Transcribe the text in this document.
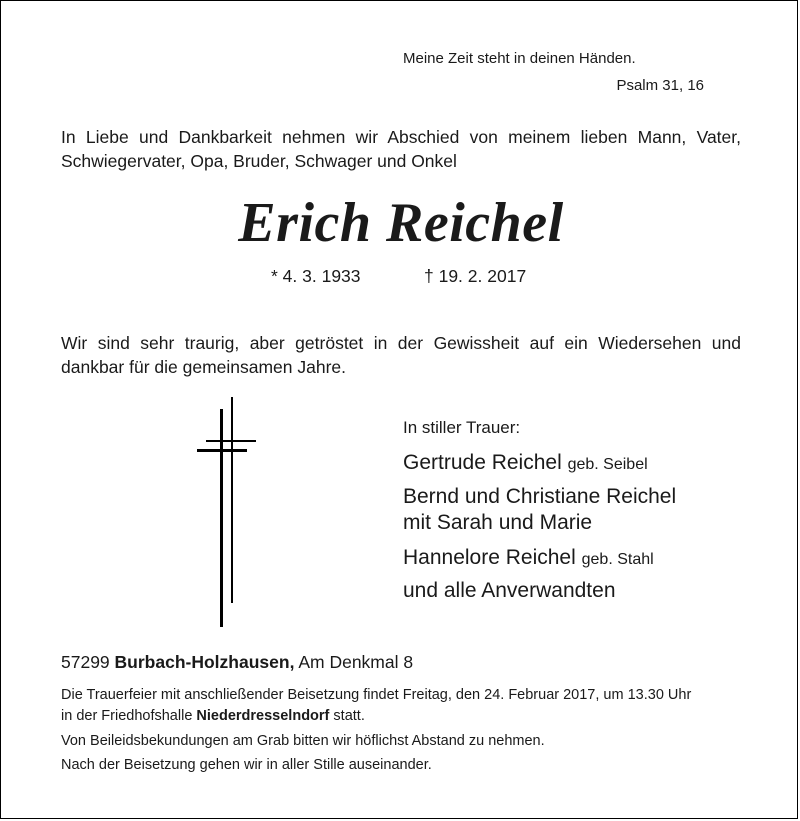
Meine Zeit steht in deinen Händen.
Psalm 31, 16
In Liebe und Dankbarkeit nehmen wir Abschied von meinem lieben Mann, Vater, Schwiegervater, Opa, Bruder, Schwager und Onkel
Erich Reichel
* 4. 3. 1933	† 19. 2. 2017
Wir sind sehr traurig, aber getröstet in der Gewissheit auf ein Wiedersehen und dankbar für die gemeinsamen Jahre.
In stiller Trauer:
Gertrude Reichel geb. Seibel
Bernd und Christiane Reichel
mit Sarah und Marie
Hannelore Reichel geb. Stahl
und alle Anverwandten
57299 Burbach-Holzhausen, Am Denkmal 8
Die Trauerfeier mit anschließender Beisetzung findet Freitag, den 24. Februar 2017, um 13.30 Uhr
in der Friedhofshalle Niederdresselndorf statt.
Von Beileidsbekundungen am Grab bitten wir höflichst Abstand zu nehmen.
Nach der Beisetzung gehen wir in aller Stille auseinander.
